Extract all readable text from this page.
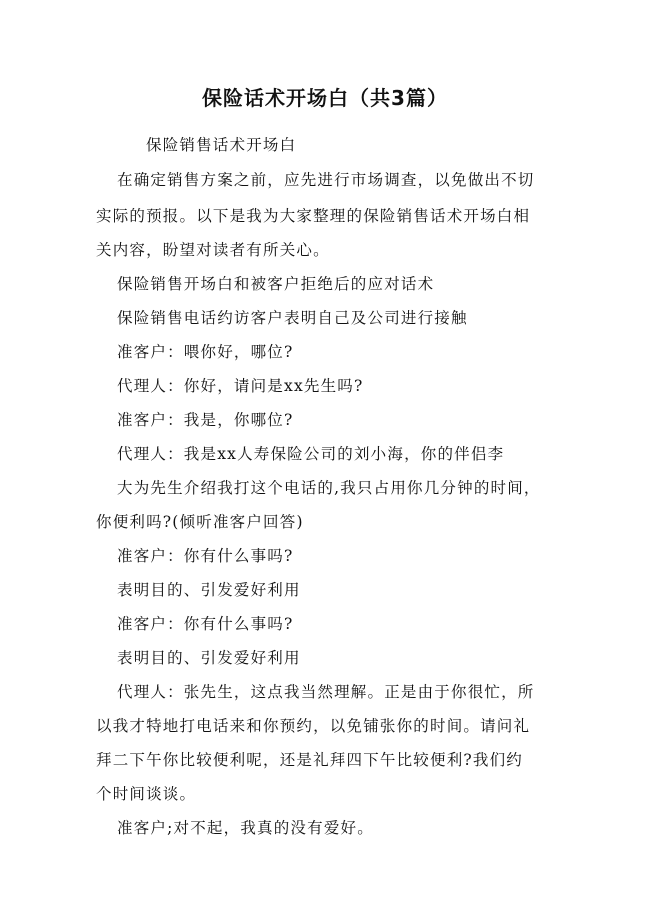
保险话术开场白（共3篇）
保险销售话术开场白
在确定销售方案之前，应先进行市场调查，以免做出不切
实际的预报。以下是我为大家整理的保险销售话术开场白相
关内容，盼望对读者有所关心。
保险销售开场白和被客户拒绝后的应对话术
保险销售电话约访客户表明自己及公司进行接触
准客户：喂你好，哪位?
代理人：你好，请问是xx先生吗?
准客户：我是，你哪位?
代理人：我是xx人寿保险公司的刘小海，你的伴侣李
大为先生介绍我打这个电话的,我只占用你几分钟的时间，
你便利吗?(倾听准客户回答)
准客户：你有什么事吗?
表明目的、引发爱好利用
准客户：你有什么事吗?
表明目的、引发爱好利用
代理人：张先生，这点我当然理解。正是由于你很忙，所
以我才特地打电话来和你预约，以免铺张你的时间。请问礼
拜二下午你比较便利呢，还是礼拜四下午比较便利?我们约
个时间谈谈。
准客户;对不起，我真的没有爱好。
